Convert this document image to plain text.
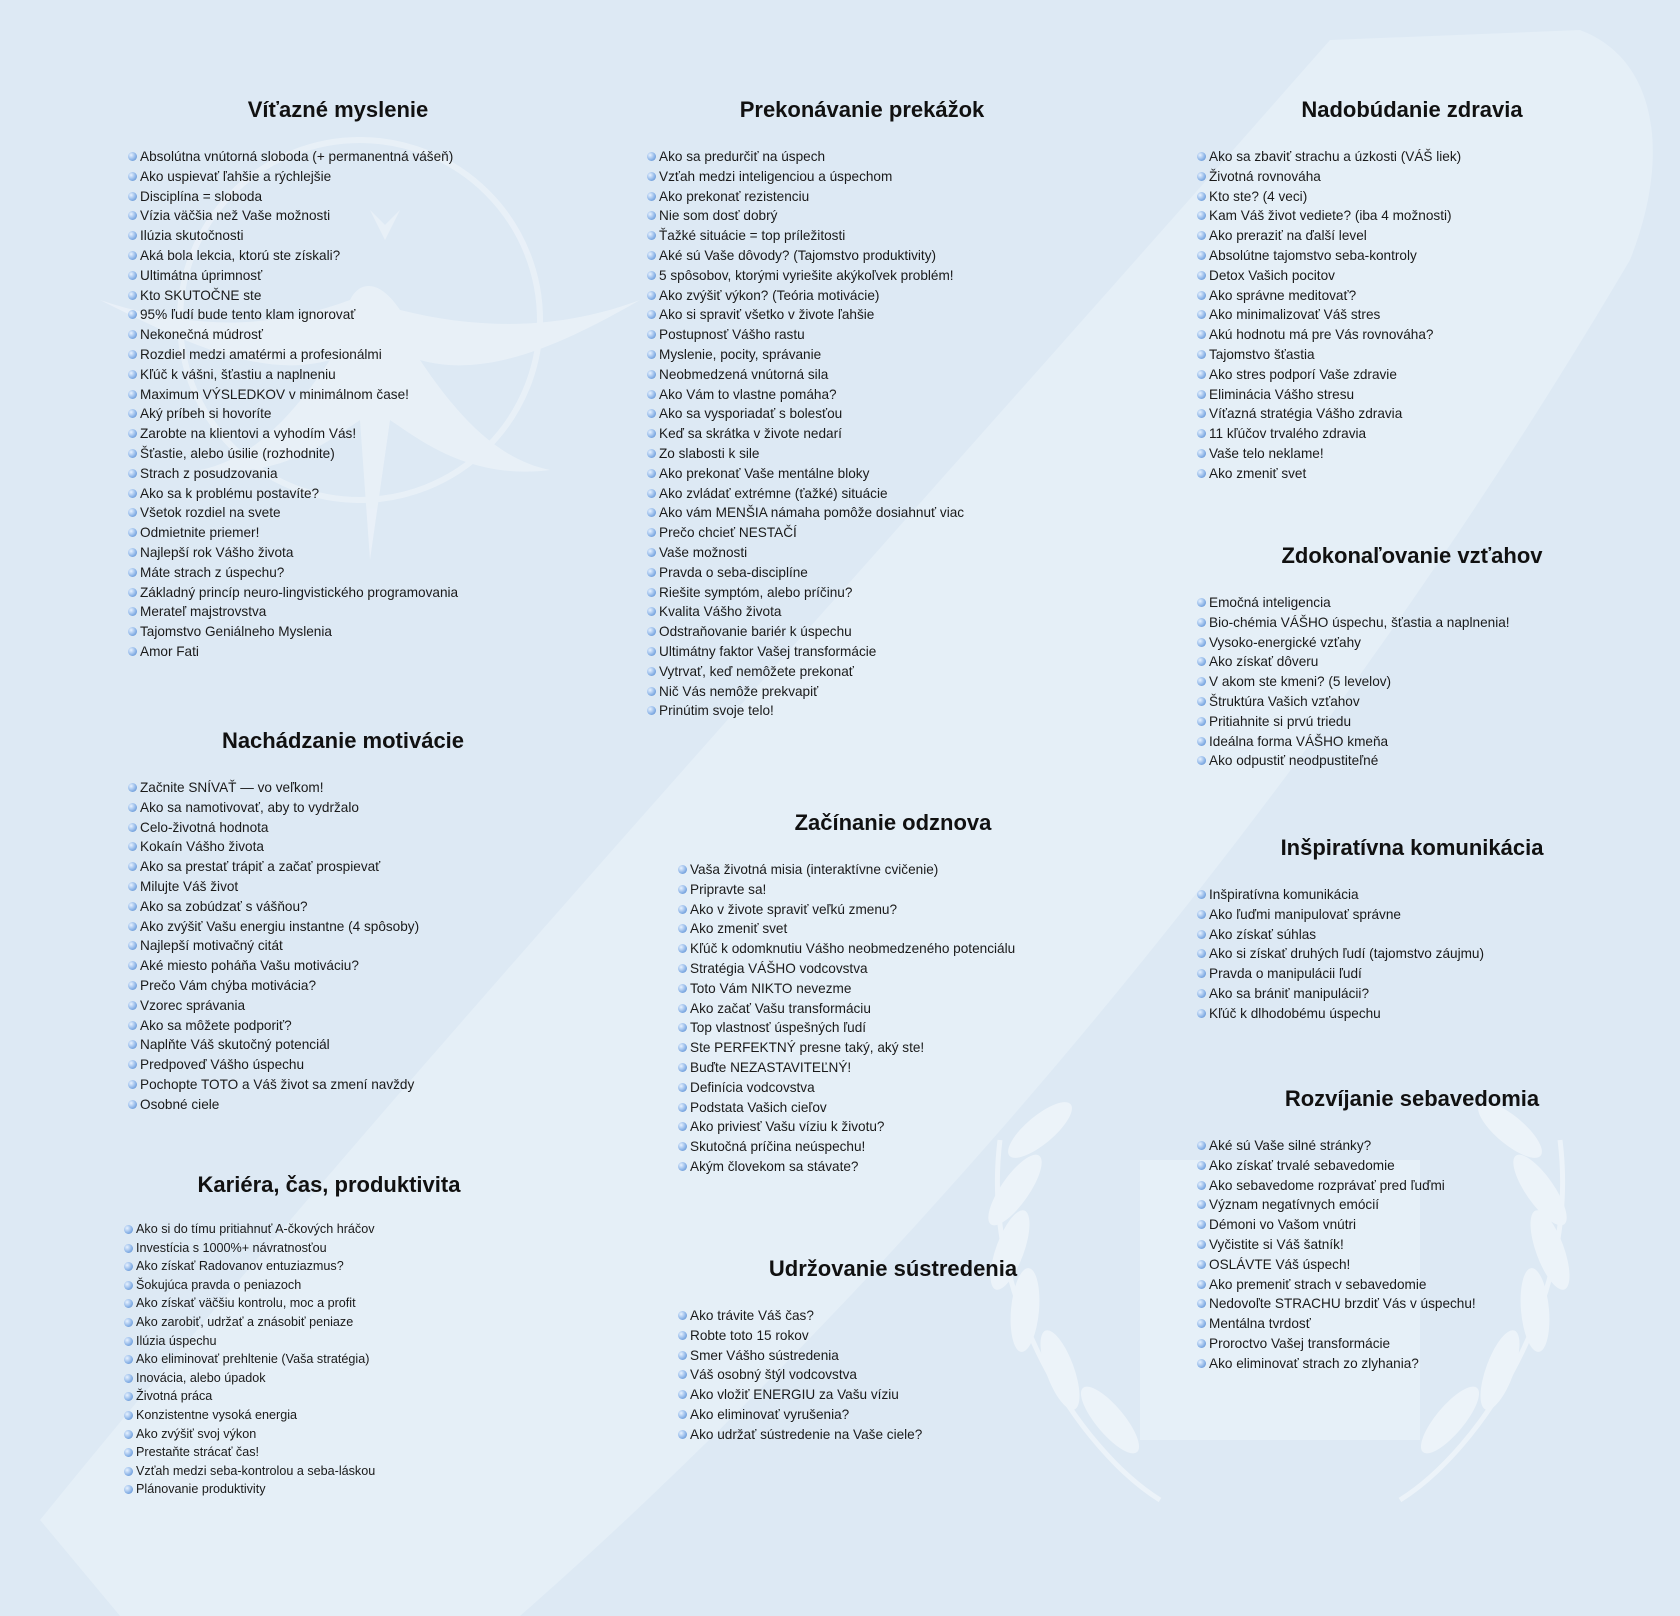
Víťazné myslenie
Absolútna vnútorná sloboda (+ permanentná vášeň)
Ako uspievať ľahšie a rýchlejšie
Disciplína = sloboda
Vízia väčšia než Vaše možnosti
Ilúzia skutočnosti
Aká bola lekcia, ktorú ste získali?
Ultimátna úprimnosť
Kto SKUTOČNE ste
95% ľudí bude tento klam ignorovať
Nekonečná múdrosť
Rozdiel medzi amatérmi a profesionálmi
Kľúč k vášni, šťastiu a naplneniu
Maximum VÝSLEDKOV v minimálnom čase!
Aký príbeh si hovoríte
Zarobte na klientovi a vyhodím Vás!
Šťastie, alebo úsilie (rozhodnite)
Strach z posudzovania
Ako sa k problému postavíte?
Všetok rozdiel na svete
Odmietnite priemer!
Najlepší rok Vášho života
Máte strach z úspechu?
Základný princíp neuro-lingvistického programovania
Merateľ majstrovstva
Tajomstvo Geniálneho Myslenia
Amor Fati
Nachádzanie motivácie
Začnite SNÍVAŤ — vo veľkom!
Ako sa namotivovať, aby to vydržalo
Celo-životná hodnota
Kokaín Vášho života
Ako sa prestať trápiť a začať prospievať
Milujte Váš život
Ako sa zobúdzať s vášňou?
Ako zvýšiť Vašu energiu instantne (4 spôsoby)
Najlepší motivačný citát
Aké miesto poháňa Vašu motiváciu?
Prečo Vám chýba motivácia?
Vzorec správania
Ako sa môžete podporiť?
Naplňte Váš skutočný potenciál
Predpoveď Vášho úspechu
Pochopte TOTO a Váš život sa zmení navždy
Osobné ciele
Kariéra, čas, produktivita
Ako si do tímu pritiahnuť A-čkových hráčov
Investícia s 1000%+ návratnosťou
Ako získať Radovanov entuziazmus?
Šokujúca pravda o peniazoch
Ako získať väčšiu kontrolu, moc a profit
Ako zarobiť, udržať a znásobiť peniaze
Ilúzia úspechu
Ako eliminovať prehltenie (Vaša stratégia)
Inovácia, alebo úpadok
Životná práca
Konzistentne vysoká energia
Ako zvýšiť svoj výkon
Prestaňte strácať čas!
Vzťah medzi seba-kontrolou a seba-láskou
Plánovanie produktivity
Prekonávanie prekážok
Ako sa predurčiť na úspech
Vzťah medzi inteligenciou a úspechom
Ako prekonať rezistenciu
Nie som dosť dobrý
Ťažké situácie = top príležitosti
Aké sú Vaše dôvody? (Tajomstvo produktivity)
5 spôsobov, ktorými vyriešite akýkoľvek problém!
Ako zvýšiť výkon? (Teória motivácie)
Ako si spraviť všetko v živote ľahšie
Postupnosť Vášho rastu
Myslenie, pocity, správanie
Neobmedzená vnútorná sila
Ako Vám to vlastne pomáha?
Ako sa vysporiadať s bolesťou
Keď sa skrátka v živote nedarí
Zo slabosti k sile
Ako prekonať Vaše mentálne bloky
Ako zvládať extrémne (ťažké) situácie
Ako vám MENŠIA námaha pomôže dosiahnuť viac
Prečo chcieť NESTAČÍ
Vaše možnosti
Pravda o seba-disciplíne
Riešite symptóm, alebo príčinu?
Kvalita Vášho života
Odstraňovanie bariér k úspechu
Ultimátny faktor Vašej transformácie
Vytrvať, keď nemôžete prekonať
Nič Vás nemôže prekvapiť
Prinútim svoje telo!
Začínanie odznova
Vaša životná misia (interaktívne cvičenie)
Pripravte sa!
Ako v živote spraviť veľkú zmenu?
Ako zmeniť svet
Kľúč k odomknutiu Vášho neobmedzeného potenciálu
Stratégia VÁŠHO vodcovstva
Toto Vám NIKTO nevezme
Ako začať Vašu transformáciu
Top vlastnosť úspešných ľudí
Ste PERFEKTNÝ presne taký, aký ste!
Buďte NEZASTAVITEĽNÝ!
Definícia vodcovstva
Podstata Vašich cieľov
Ako priviesť Vašu víziu k životu?
Skutočná príčina neúspechu!
Akým človekom sa stávate?
Udržovanie sústredenia
Ako trávite Váš čas?
Robte toto 15 rokov
Smer Vášho sústredenia
Váš osobný štýl vodcovstva
Ako vložiť ENERGIU za Vašu víziu
Ako eliminovať vyrušenia?
Ako udržať sústredenie na Vaše ciele?
Nadobúdanie zdravia
Ako sa zbaviť strachu a úzkosti (VÁŠ liek)
Životná rovnováha
Kto ste? (4 veci)
Kam Váš život vediete? (iba 4 možnosti)
Ako preraziť na ďalší level
Absolútne tajomstvo seba-kontroly
Detox Vašich pocitov
Ako správne meditovať?
Ako minimalizovať Váš stres
Akú hodnotu má pre Vás rovnováha?
Tajomstvo šťastia
Ako stres podporí Vaše zdravie
Eliminácia Vášho stresu
Víťazná stratégia Vášho zdravia
11 kľúčov trvalého zdravia
Vaše telo neklame!
Ako zmeniť svet
Zdokonaľovanie vzťahov
Emočná inteligencia
Bio-chémia VÁŠHO úspechu, šťastia a naplnenia!
Vysoko-energické vzťahy
Ako získať dôveru
V akom ste kmeni? (5 levelov)
Štruktúra Vašich vzťahov
Pritiahnite si prvú triedu
Ideálna forma VÁŠHO kmeňa
Ako odpustiť neodpustiteľné
Inšpiratívna komunikácia
Inšpiratívna komunikácia
Ako ľuďmi manipulovať správne
Ako získať súhlas
Ako si získať druhých ľudí (tajomstvo záujmu)
Pravda o manipulácii ľudí
Ako sa brániť manipulácii?
Kľúč k dlhodobému úspechu
Rozvíjanie sebavedomia
Aké sú Vaše silné stránky?
Ako získať trvalé sebavedomie
Ako sebavedome rozprávať pred ľuďmi
Význam negatívnych emócií
Démoni vo Vašom vnútri
Vyčistite si Váš šatník!
OSLÁVTE Váš úspech!
Ako premeniť strach v sebavedomie
Nedovoľte STRACHU brzdiť Vás v úspechu!
Mentálna tvrdosť
Proroctvo Vašej transformácie
Ako eliminovať strach zo zlyhania?
